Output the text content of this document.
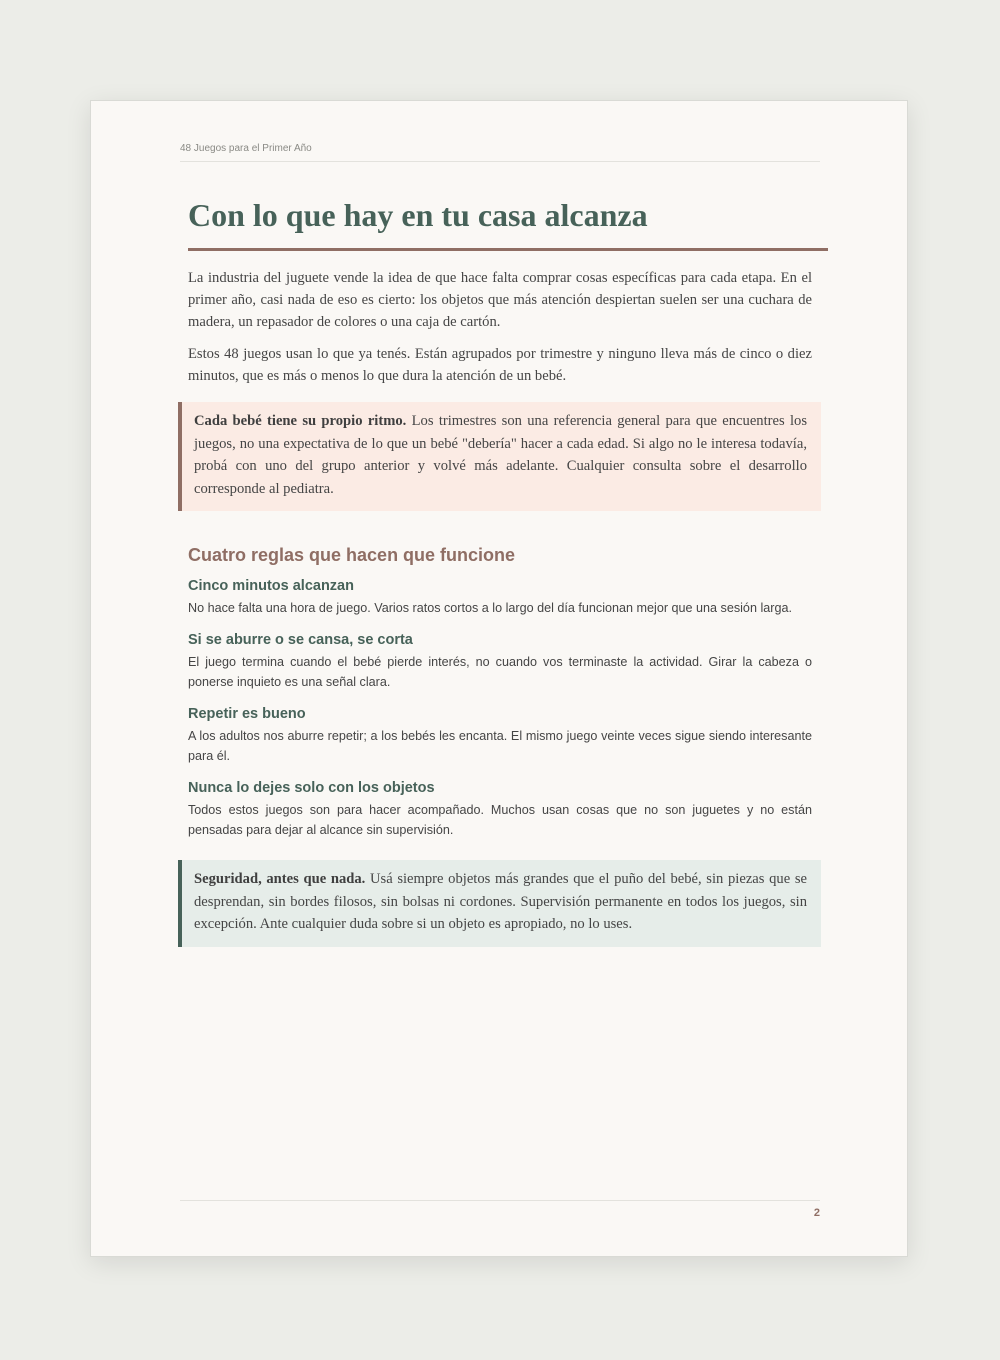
48 Juegos para el Primer Año
Con lo que hay en tu casa alcanza

La industria del juguete vende la idea de que hace falta comprar cosas específicas para cada etapa. En el primer año, casi nada de eso es cierto: los objetos que más atención despiertan suelen ser una cuchara de madera, un repasador de colores o una caja de cartón.

Estos 48 juegos usan lo que ya tenés. Están agrupados por trimestre y ninguno lleva más de cinco o diez minutos, que es más o menos lo que dura la atención de un bebé.

Cada bebé tiene su propio ritmo. Los trimestres son una referencia general para que encuentres los juegos, no una expectativa de lo que un bebé "debería" hacer a cada edad. Si algo no le interesa todavía, probá con uno del grupo anterior y volvé más adelante. Cualquier consulta sobre el desarrollo corresponde al pediatra.
Cuatro reglas que hacen que funcione
Cinco minutos alcanzan

No hace falta una hora de juego. Varios ratos cortos a lo largo del día funcionan mejor que una sesión larga.

Si se aburre o se cansa, se corta

El juego termina cuando el bebé pierde interés, no cuando vos terminaste la actividad. Girar la cabeza o ponerse inquieto es una señal clara.

Repetir es bueno

A los adultos nos aburre repetir; a los bebés les encanta. El mismo juego veinte veces sigue siendo interesante para él.

Nunca lo dejes solo con los objetos

Todos estos juegos son para hacer acompañado. Muchos usan cosas que no son juguetes y no están pensadas para dejar al alcance sin supervisión.

Seguridad, antes que nada. Usá siempre objetos más grandes que el puño del bebé, sin piezas que se desprendan, sin bordes filosos, sin bolsas ni cordones. Supervisión permanente en todos los juegos, sin excepción. Ante cualquier duda sobre si un objeto es apropiado, no lo uses.
2
